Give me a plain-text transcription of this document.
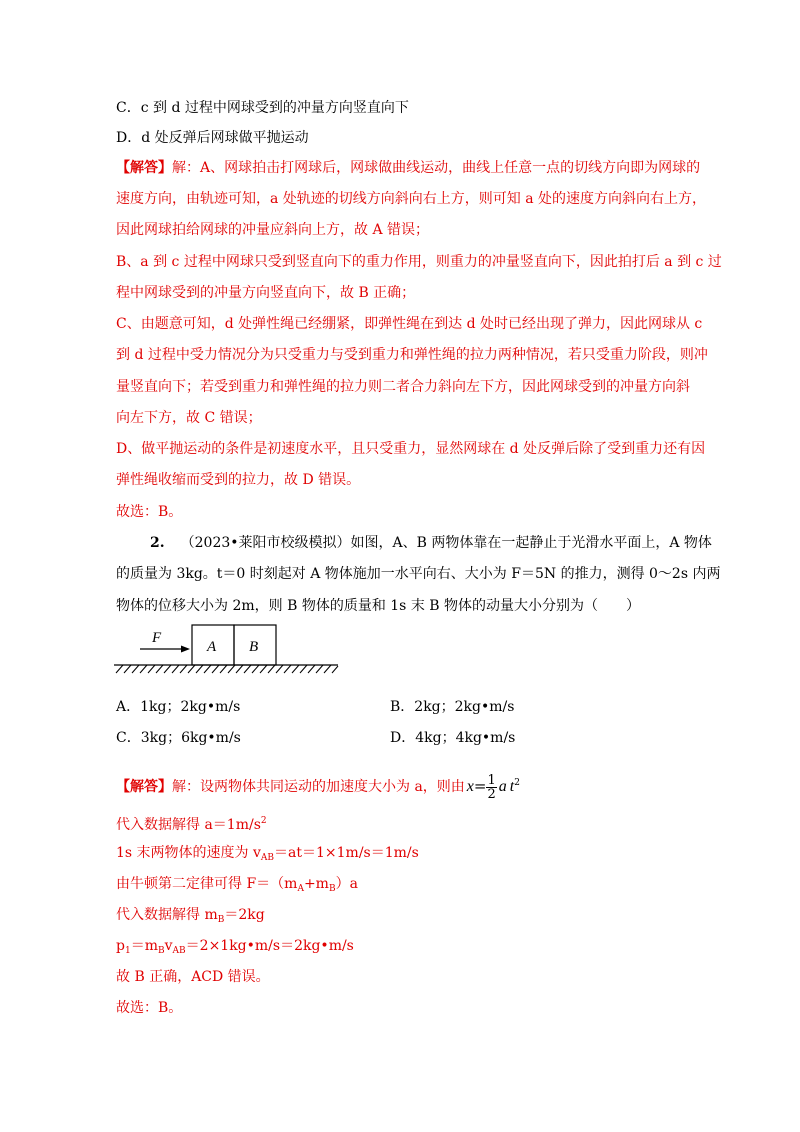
C．c 到 d 过程中网球受到的冲量方向竖直向下
D．d 处反弹后网球做平抛运动
【解答】解：A、网球拍击打网球后，网球做曲线运动，曲线上任意一点的切线方向即为网球的
速度方向，由轨迹可知，a 处轨迹的切线方向斜向右上方，则可知 a 处的速度方向斜向右上方，
因此网球拍给网球的冲量应斜向上方，故 A 错误；
B、a 到 c 过程中网球只受到竖直向下的重力作用，则重力的冲量竖直向下，因此拍打后 a 到 c 过
程中网球受到的冲量方向竖直向下，故 B 正确；
C、由题意可知，d 处弹性绳已经绷紧，即弹性绳在到达 d 处时已经出现了弹力，因此网球从 c
到 d 过程中受力情况分为只受重力与受到重力和弹性绳的拉力两种情况，若只受重力阶段，则冲
量竖直向下；若受到重力和弹性绳的拉力则二者合力斜向左下方，因此网球受到的冲量方向斜
向左下方，故 C 错误；
D、做平抛运动的条件是初速度水平，且只受重力，显然网球在 d 处反弹后除了受到重力还有因
弹性绳收缩而受到的拉力，故 D 错误。
故选：B。
2. （2023•莱阳市校级模拟）如图，A、B 两物体靠在一起静止于光滑水平面上，A 物体
的质量为 3kg。t＝0 时刻起对 A 物体施加一水平向右、大小为 F＝5N 的推力，测得 0～2s 内两
物体的位移大小为 2m，则 B 物体的质量和 1s 末 B 物体的动量大小分别为（　　）
F
A B
A．1kg；2kg•m/s	B．2kg；2kg•m/s
C．3kg；6kg•m/s	D．4kg；4kg•m/s
【解答】解：设两物体共同运动的加速度大小为 a，则由 $x= \frac{1}{2}$ a $t^2$
代入数据解得 $a=1m/s^2$
1s 末两物体的速度为 $v_{AB}=at=1\times 1m/s=1m/s$
由牛顿第二定律可得 $F=(m_A+m_B)a$
代入数据解得 $m_B=2kg$
$p_1=m_Bv_{AB}=2\times 1kg•m/s=2kg•m/s$
故 B 正确，ACD 错误。
故选：B。
